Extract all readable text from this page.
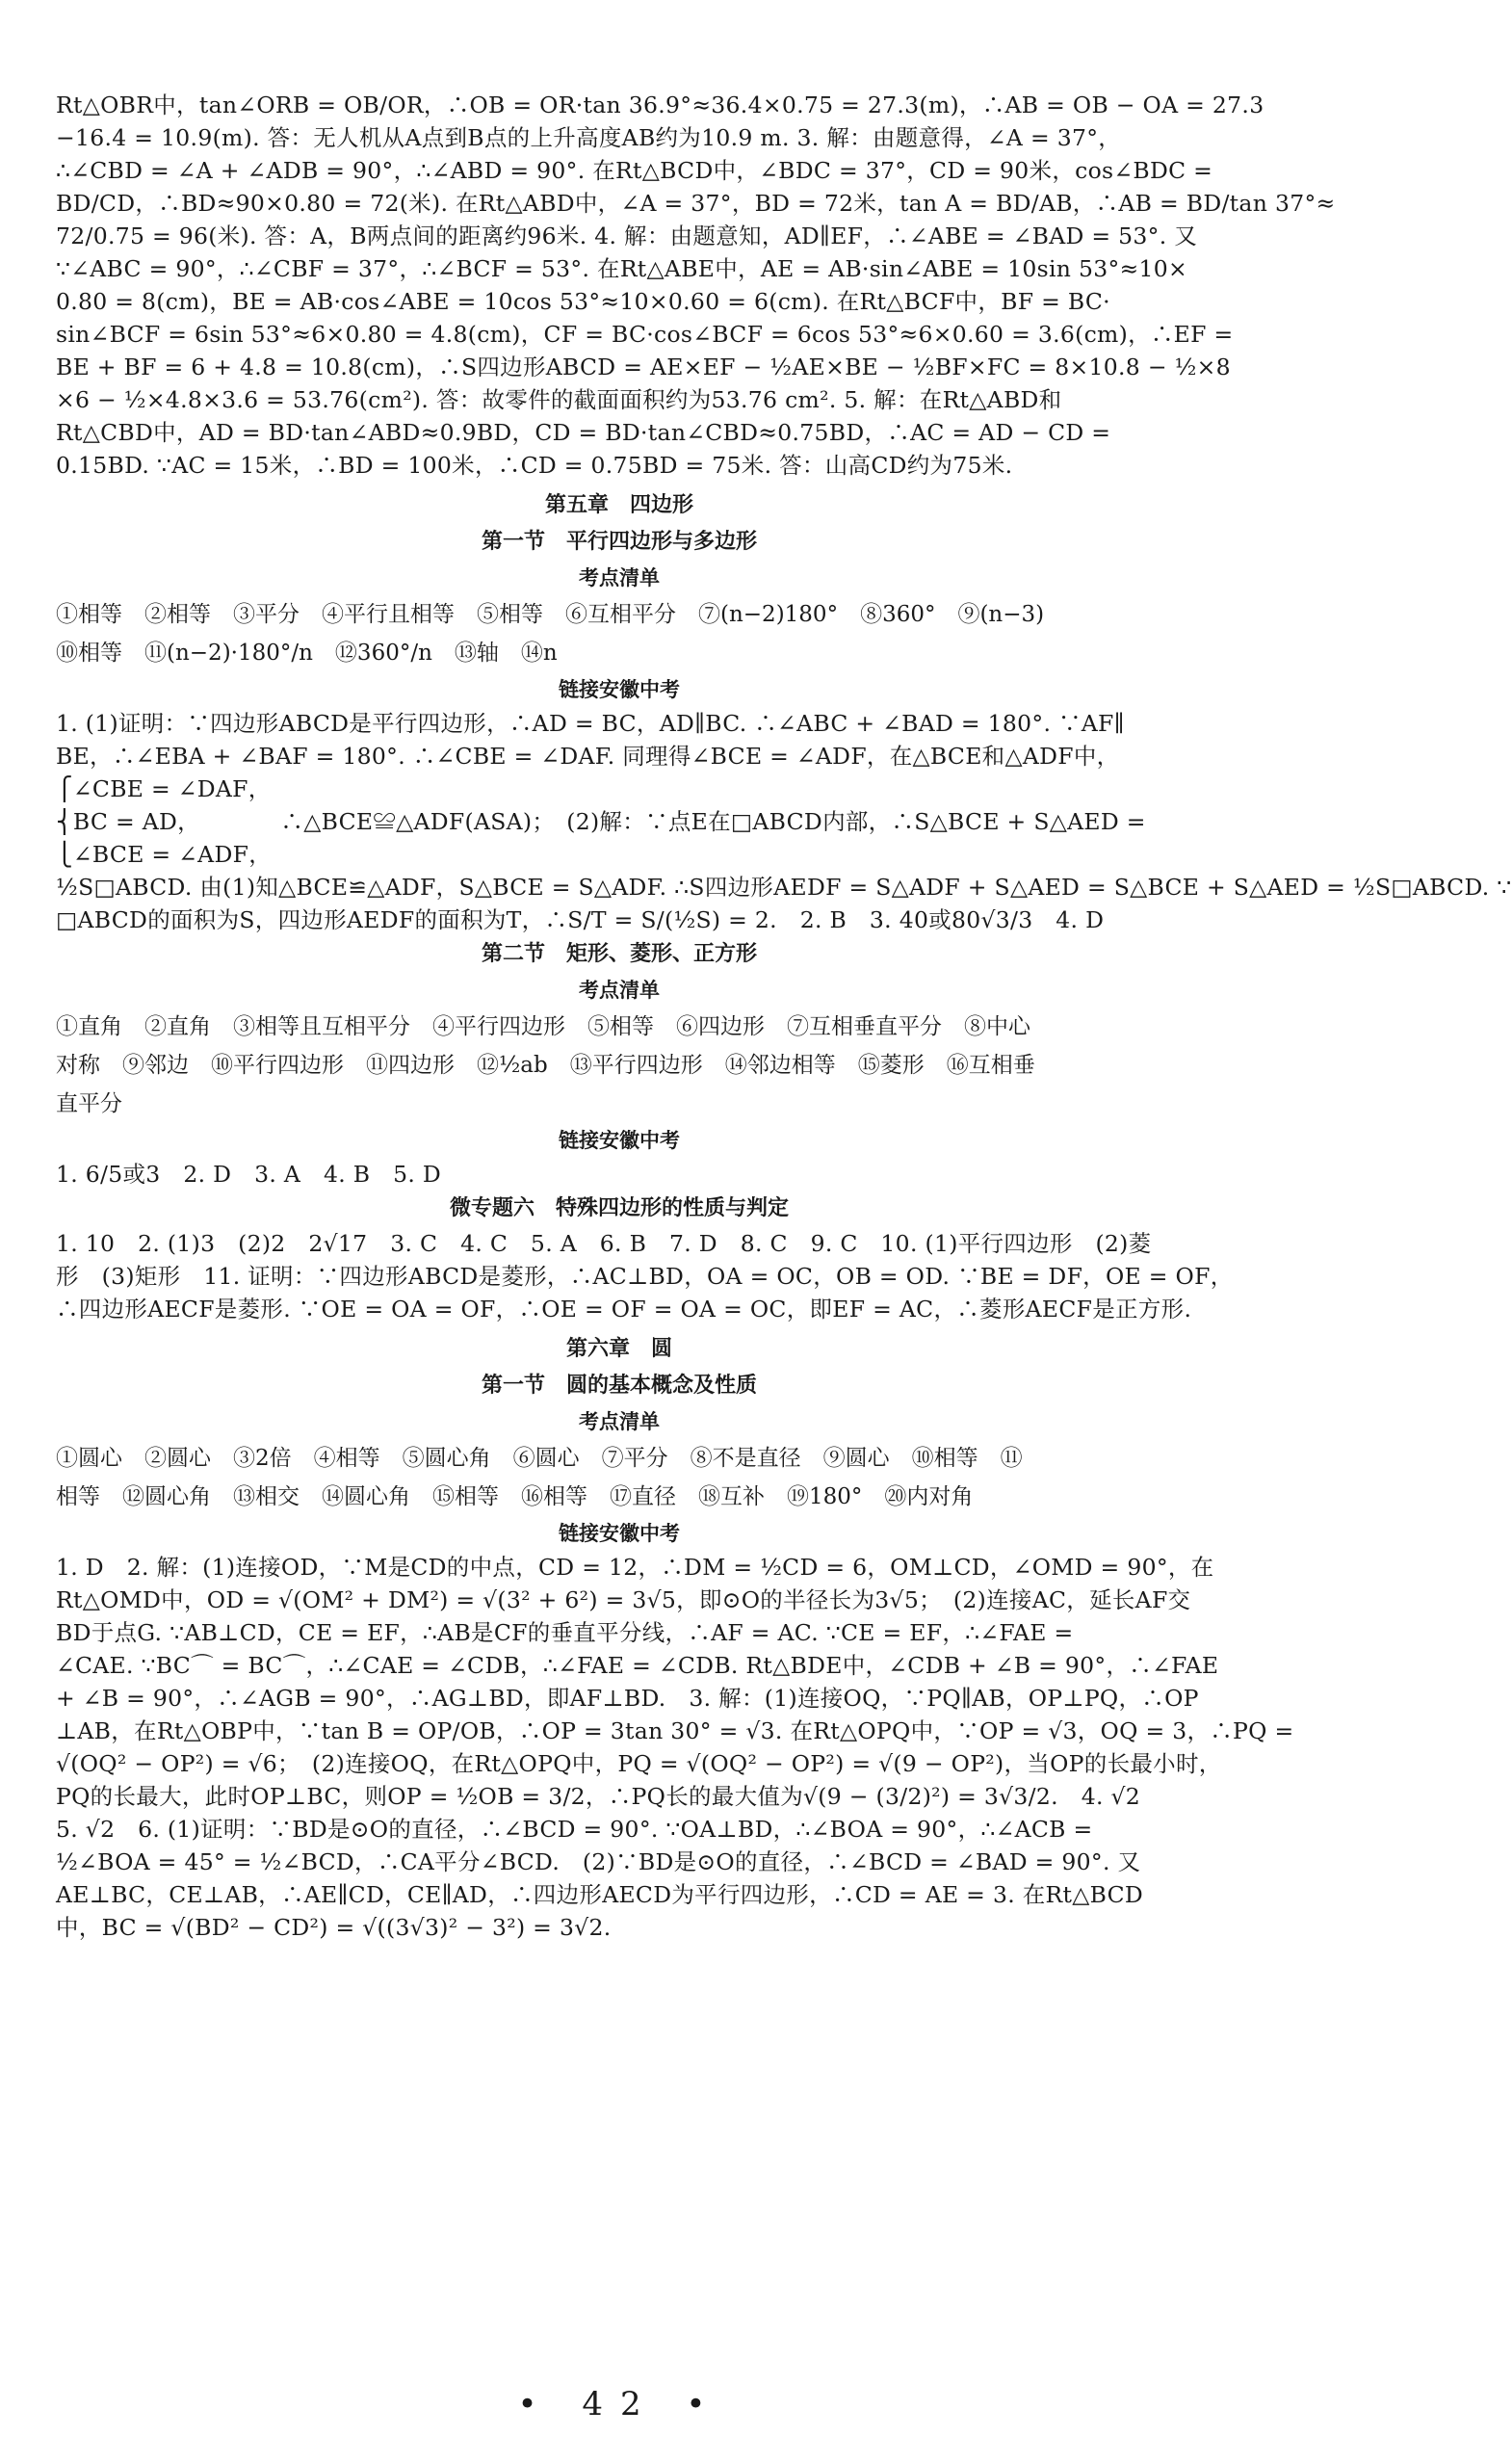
Rt△OBR中，tan∠ORB = OB/OR，∴OB = OR·tan 36.9°≈36.4×0.75 = 27.3(m)，∴AB = OB − OA = 27.3
−16.4 = 10.9(m). 答：无人机从A点到B点的上升高度AB约为10.9 m. 3. 解：由题意得，∠A = 37°，
∴∠CBD = ∠A + ∠ADB = 90°，∴∠ABD = 90°. 在Rt△BCD中，∠BDC = 37°，CD = 90米，cos∠BDC =
BD/CD，∴BD≈90×0.80 = 72(米). 在Rt△ABD中，∠A = 37°，BD = 72米，tan A = BD/AB，∴AB = BD/tan 37°≈
72/0.75 = 96(米). 答：A，B两点间的距离约96米. 4. 解：由题意知，AD∥EF，∴∠ABE = ∠BAD = 53°. 又
∵∠ABC = 90°，∴∠CBF = 37°，∴∠BCF = 53°. 在Rt△ABE中，AE = AB·sin∠ABE = 10sin 53°≈10×
0.80 = 8(cm)，BE = AB·cos∠ABE = 10cos 53°≈10×0.60 = 6(cm). 在Rt△BCF中，BF = BC·
sin∠BCF = 6sin 53°≈6×0.80 = 4.8(cm)，CF = BC·cos∠BCF = 6cos 53°≈6×0.60 = 3.6(cm)，∴EF =
BE + BF = 6 + 4.8 = 10.8(cm)，∴S四边形ABCD = AE×EF − ½AE×BE − ½BF×FC = 8×10.8 − ½×8
×6 − ½×4.8×3.6 = 53.76(cm²). 答：故零件的截面面积约为53.76 cm². 5. 解：在Rt△ABD和
Rt△CBD中，AD = BD·tan∠ABD≈0.9BD，CD = BD·tan∠CBD≈0.75BD，∴AC = AD − CD =
0.15BD. ∵AC = 15米，∴BD = 100米，∴CD = 0.75BD = 75米. 答：山高CD约为75米.
第五章　四边形
第一节　平行四边形与多边形
考点清单
①相等　②相等　③平分　④平行且相等　⑤相等　⑥互相平分　⑦(n−2)180°　⑧360°　⑨(n−3)
⑩相等　⑪(n−2)·180°/n　⑫360°/n　⑬轴　⑭n
链接安徽中考
1. (1)证明：∵四边形ABCD是平行四边形，∴AD = BC，AD∥BC. ∴∠ABC + ∠BAD = 180°. ∵AF∥
BE，∴∠EBA + ∠BAF = 180°. ∴∠CBE = ∠DAF. 同理得∠BCE = ∠ADF，在△BCE和△ADF中，
⎧∠CBE = ∠DAF，
⎨BC = AD，　　　　∴△BCE≌△ADF(ASA)；　(2)解：∵点E在□ABCD内部，∴S△BCE + S△AED =
⎩∠BCE = ∠ADF，
½S□ABCD. 由(1)知△BCE≌△ADF，S△BCE = S△ADF. ∴S四边形AEDF = S△ADF + S△AED = S△BCE + S△AED = ½S□ABCD. ∵
□ABCD的面积为S，四边形AEDF的面积为T，∴S/T = S/(½S) = 2.　2. B　3. 40或80√3/3　4. D
第二节　矩形、菱形、正方形
考点清单
①直角　②直角　③相等且互相平分　④平行四边形　⑤相等　⑥四边形　⑦互相垂直平分　⑧中心
对称　⑨邻边　⑩平行四边形　⑪四边形　⑫½ab　⑬平行四边形　⑭邻边相等　⑮菱形　⑯互相垂
直平分
链接安徽中考
1. 6/5或3　2. D　3. A　4. B　5. D
微专题六　特殊四边形的性质与判定
1. 10　2. (1)3　(2)2　2√17　3. C　4. C　5. A　6. B　7. D　8. C　9. C　10. (1)平行四边形　(2)菱
形　(3)矩形　11. 证明：∵四边形ABCD是菱形，∴AC⊥BD，OA = OC，OB = OD. ∵BE = DF，OE = OF，
∴四边形AECF是菱形. ∵OE = OA = OF，∴OE = OF = OA = OC，即EF = AC，∴菱形AECF是正方形.
第六章　圆
第一节　圆的基本概念及性质
考点清单
①圆心　②圆心　③2倍　④相等　⑤圆心角　⑥圆心　⑦平分　⑧不是直径　⑨圆心　⑩相等　⑪
相等　⑫圆心角　⑬相交　⑭圆心角　⑮相等　⑯相等　⑰直径　⑱互补　⑲180°　⑳内对角
链接安徽中考
1. D　2. 解：(1)连接OD，∵M是CD的中点，CD = 12，∴DM = ½CD = 6，OM⊥CD，∠OMD = 90°，在
Rt△OMD中，OD = √(OM² + DM²) = √(3² + 6²) = 3√5，即⊙O的半径长为3√5；　(2)连接AC，延长AF交
BD于点G. ∵AB⊥CD，CE = EF，∴AB是CF的垂直平分线，∴AF = AC. ∵CE = EF，∴∠FAE =
∠CAE. ∵BC⌒ = BC⌒，∴∠CAE = ∠CDB，∴∠FAE = ∠CDB. Rt△BDE中，∠CDB + ∠B = 90°，∴∠FAE
+ ∠B = 90°，∴∠AGB = 90°，∴AG⊥BD，即AF⊥BD.　3. 解：(1)连接OQ，∵PQ∥AB，OP⊥PQ，∴OP
⊥AB，在Rt△OBP中，∵tan B = OP/OB，∴OP = 3tan 30° = √3. 在Rt△OPQ中，∵OP = √3，OQ = 3，∴PQ =
√(OQ² − OP²) = √6；　(2)连接OQ，在Rt△OPQ中，PQ = √(OQ² − OP²) = √(9 − OP²)，当OP的长最小时，
PQ的长最大，此时OP⊥BC，则OP = ½OB = 3/2，∴PQ长的最大值为√(9 − (3/2)²) = 3√3/2.　4. √2
5. √2　6. (1)证明：∵BD是⊙O的直径，∴∠BCD = 90°. ∵OA⊥BD，∴∠BOA = 90°，∴∠ACB =
½∠BOA = 45° = ½∠BCD，∴CA平分∠BCD.　(2)∵BD是⊙O的直径，∴∠BCD = ∠BAD = 90°. 又
AE⊥BC，CE⊥AB，∴AE∥CD，CE∥AD，∴四边形AECD为平行四边形，∴CD = AE = 3. 在Rt△BCD
中，BC = √(BD² − CD²) = √((3√3)² − 3²) = 3√2.
• 42 •
